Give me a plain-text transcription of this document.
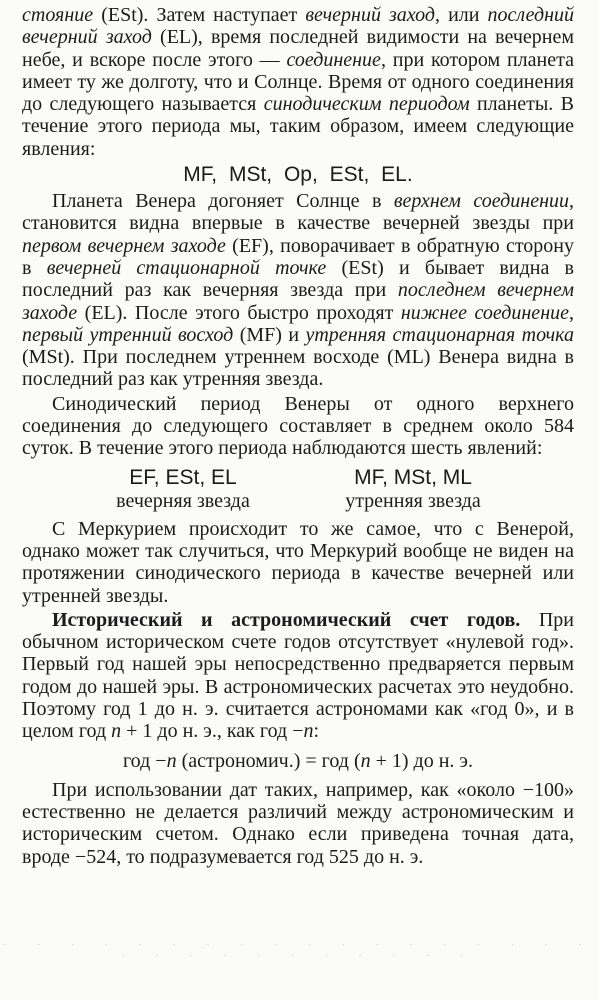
стояние (ESt). Затем наступает вечерний заход, или последний вечерний заход (EL), время последней видимости на вечернем небе, и вскоре после этого — соединение, при котором планета имеет ту же долготу, что и Солнце. Время от одного соединения до следующего называется синодическим периодом планеты. В течение этого периода мы, таким образом, имеем следующие явления:

MF, MSt, Op, ESt, EL.

Планета Венера догоняет Солнце в верхнем соединении, становится видна впервые в качестве вечерней звезды при первом вечернем заходе (EF), поворачивает в обратную сторону в вечерней стационарной точке (ESt) и бывает видна в последний раз как вечерняя звезда при последнем вечернем заходе (EL). После этого быстро проходят нижнее соединение, первый утренний восход (MF) и утренняя стационарная точка (MSt). При последнем утреннем восходе (ML) Венера видна в последний раз как утренняя звезда.

Синодический период Венеры от одного верхнего соединения до следующего составляет в среднем около 584 суток. В течение этого периода наблюдаются шесть явлений:

EF, ESt, EL
вечерняя звезда
MF, MSt, ML
утренняя звезда

С Меркурием происходит то же самое, что с Венерой, однако может так случиться, что Меркурий вообще не виден на протяжении синодического периода в качестве вечерней или утренней звезды.

Исторический и астрономический счет годов. При обычном историческом счете годов отсутствует «нулевой год». Первый год нашей эры непосредственно предваряется первым годом до нашей эры. В астрономических расчетах это неудобно. Поэтому год 1 до н. э. считается астрономами как «год 0», и в целом год n + 1 до н. э., как год −n:

год −n (астрономич.) = год (n + 1) до н. э.

При использовании дат таких, например, как «около −100» естественно не делается различий между астрономическим и историческим счетом. Однако если приведена точная дата, вроде −524, то подразумевается год 525 до н. э.

· · · · · · · · · · · · · · · · · · · · · · · · · · · · ·
